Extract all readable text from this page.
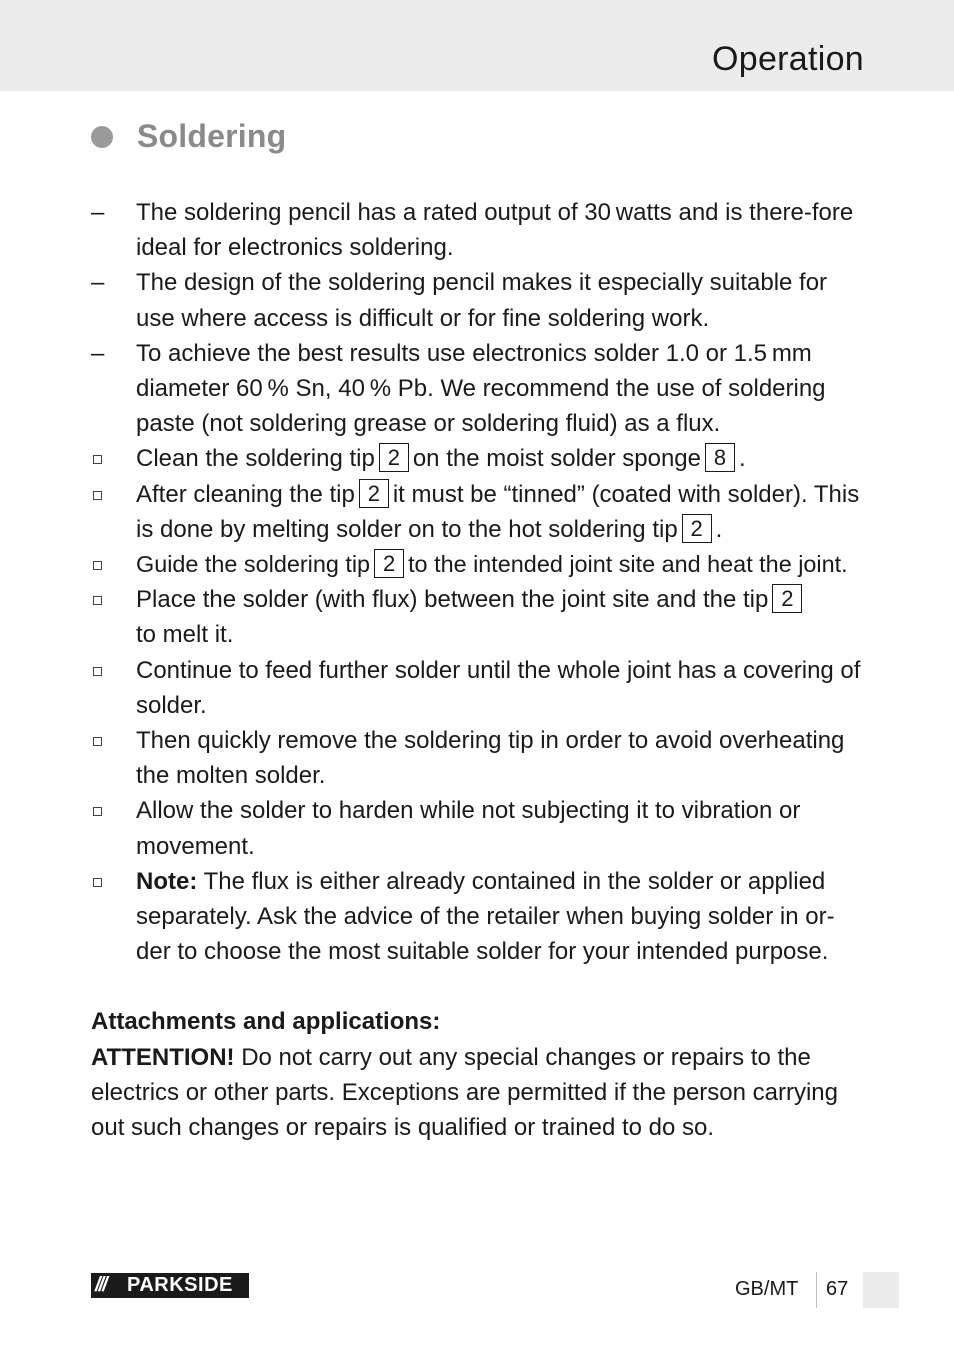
Operation
Soldering
–
The soldering pencil has a rated output of 30 watts and is there-fore ideal for electronics soldering.
–
The design of the soldering pencil makes it especially suitable for use where access is difficult or for fine soldering work.
–
To achieve the best results use electronics solder 1.0 or 1.5 mm diameter 60 % Sn, 40 % Pb. We recommend the use of soldering paste (not soldering grease or soldering fluid) as a flux.
Clean the soldering tip 2 on the moist solder sponge 8 .
After cleaning the tip 2 it must be “tinned” (coated with solder). This is done by melting solder on to the hot soldering tip 2 .
Guide the soldering tip 2 to the intended joint site and heat the joint.
Place the solder (with flux) between the joint site and the tip 2
to melt it.
Continue to feed further solder until the whole joint has a covering of solder.
Then quickly remove the soldering tip in order to avoid overheating the molten solder.
Allow the solder to harden while not subjecting it to vibration or movement.
Note: The flux is either already contained in the solder or applied separately. Ask the advice of the retailer when buying solder in or-der to choose the most suitable solder for your intended purpose.
Attachments and applications:
ATTENTION! Do not carry out any special changes or repairs to the electrics or other parts. Exceptions are permitted if the person carrying out such changes or repairs is qualified or trained to do so.
///	PARKSIDE	GB/MT 67
